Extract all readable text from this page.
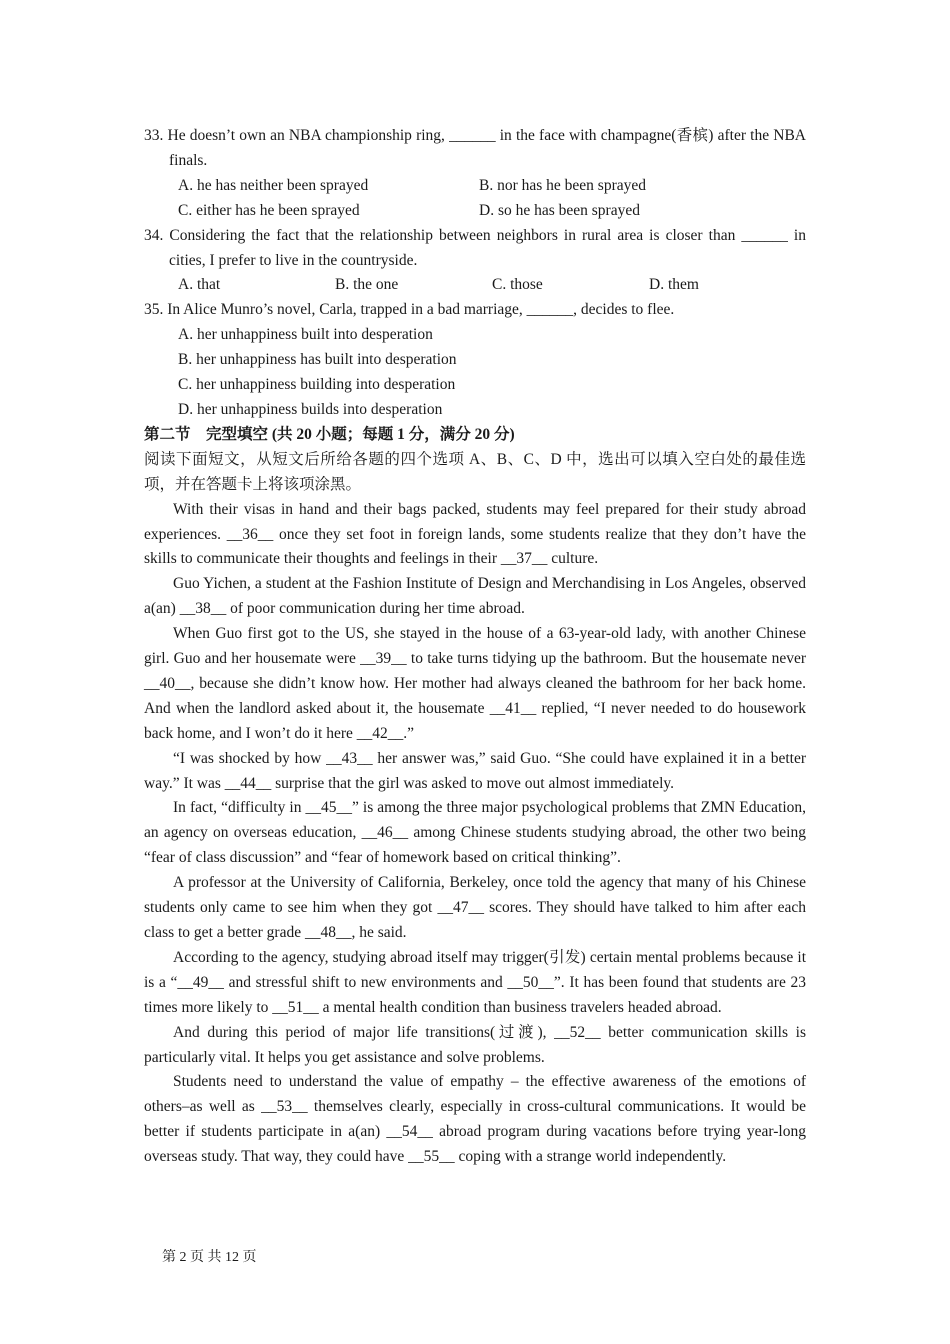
33. He doesn’t own an NBA championship ring, ______ in the face with champagne(香槟) after the NBA finals.
A. he has neither been sprayed	B. nor has he been sprayed
C. either has he been sprayed	D. so he has been sprayed
34. Considering the fact that the relationship between neighbors in rural area is closer than ______ in cities, I prefer to live in the countryside.
A. that	B. the one	C. those	D. them
35. In Alice Munro’s novel, Carla, trapped in a bad marriage, ______, decides to flee.
A. her unhappiness built into desperation
B. her unhappiness has built into desperation
C. her unhappiness building into desperation
D. her unhappiness builds into desperation
第二节　完型填空 (共 20 小题；每题 1 分，满分 20 分)
阅读下面短文，从短文后所给各题的四个选项 A、B、C、D 中，选出可以填入空白处的最佳选项，并在答题卡上将该项涂黑。
With their visas in hand and their bags packed, students may feel prepared for their study abroad experiences. __36__ once they set foot in foreign lands, some students realize that they don’t have the skills to communicate their thoughts and feelings in their __37__ culture.
Guo Yichen, a student at the Fashion Institute of Design and Merchandising in Los Angeles, observed a(an) __38__ of poor communication during her time abroad.
When Guo first got to the US, she stayed in the house of a 63-year-old lady, with another Chinese girl. Guo and her housemate were __39__ to take turns tidying up the bathroom. But the housemate never __40__, because she didn’t know how. Her mother had always cleaned the bathroom for her back home. And when the landlord asked about it, the housemate __41__ replied, “I never needed to do housework back home, and I won’t do it here __42__.”
“I was shocked by how __43__ her answer was,” said Guo. “She could have explained it in a better way.” It was __44__ surprise that the girl was asked to move out almost immediately.
In fact, “difficulty in __45__” is among the three major psychological problems that ZMN Education, an agency on overseas education, __46__ among Chinese students studying abroad, the other two being “fear of class discussion” and “fear of homework based on critical thinking”.
A professor at the University of California, Berkeley, once told the agency that many of his Chinese students only came to see him when they got __47__ scores. They should have talked to him after each class to get a better grade __48__, he said.
According to the agency, studying abroad itself may trigger(引发) certain mental problems because it is a “__49__ and stressful shift to new environments and __50__”. It has been found that students are 23 times more likely to __51__ a mental health condition than business travelers headed abroad.
And during this period of major life transitions(过渡), __52__ better communication skills is particularly vital. It helps you get assistance and solve problems.
Students need to understand the value of empathy – the effective awareness of the emotions of others–as well as __53__ themselves clearly, especially in cross-cultural communications. It would be better if students participate in a(an) __54__ abroad program during vacations before trying year-long overseas study. That way, they could have __55__ coping with a strange world independently.
第 2 页 共 12 页
